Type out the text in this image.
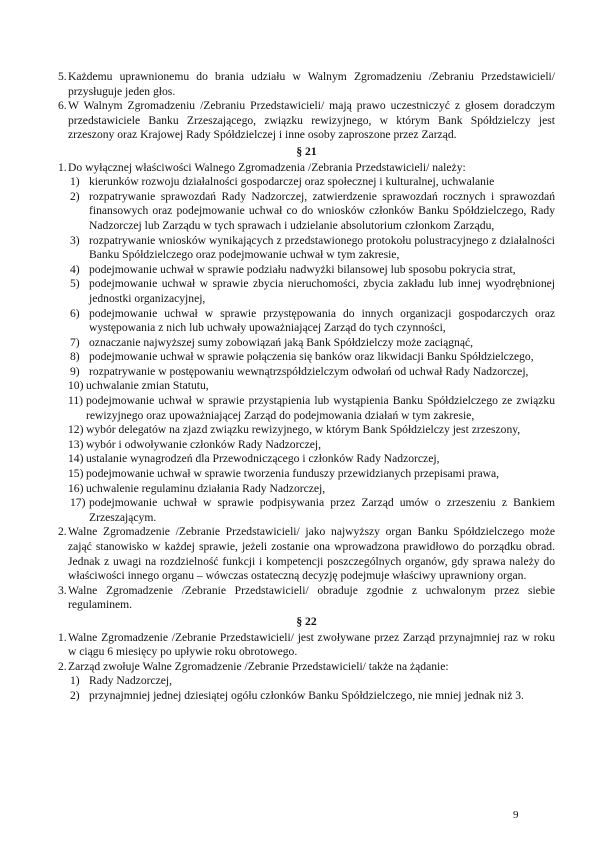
5. Każdemu uprawnionemu do brania udziału w Walnym Zgromadzeniu /Zebraniu Przedstawicieli/ przysługuje jeden głos.
6. W Walnym Zgromadzeniu /Zebraniu Przedstawicieli/ mają prawo uczestniczyć z głosem doradczym przedstawiciele Banku Zrzeszającego, związku rewizyjnego, w którym Bank Spółdzielczy jest zrzeszony oraz Krajowej Rady Spółdzielczej i inne osoby zaproszone przez Zarząd.
§ 21
1. Do wyłącznej właściwości Walnego Zgromadzenia /Zebrania Przedstawicieli/ należy:
1) kierunków rozwoju działalności gospodarczej oraz społecznej i kulturalnej, uchwalanie
2) rozpatrywanie sprawozdań Rady Nadzorczej, zatwierdzenie sprawozdań rocznych i sprawozdań finansowych oraz podejmowanie uchwał co do wniosków członków Banku Spółdzielczego, Rady Nadzorczej lub Zarządu w tych sprawach i udzielanie absolutorium członkom Zarządu,
3) rozpatrywanie wniosków wynikających z przedstawionego protokołu polustracyjnego z działalności Banku Spółdzielczego oraz podejmowanie uchwał w tym zakresie,
4) podejmowanie uchwał w sprawie podziału nadwyżki bilansowej lub sposobu pokrycia strat,
5) podejmowanie uchwał w sprawie zbycia nieruchomości, zbycia zakładu lub innej wyodrębnionej jednostki organizacyjnej,
6) podejmowanie uchwał w sprawie przystępowania do innych organizacji gospodarczych oraz występowania z nich lub uchwały upoważniającej Zarząd do tych czynności,
7) oznaczanie najwyższej sumy zobowiązań jaką Bank Spółdzielczy może zaciągnąć,
8) podejmowanie uchwał w sprawie połączenia się banków oraz likwidacji Banku Spółdzielczego,
9) rozpatrywanie w postępowaniu wewnątrzspółdzielczym odwołań od uchwał Rady Nadzorczej,
10) uchwalanie zmian Statutu,
11) podejmowanie uchwał w sprawie przystąpienia lub wystąpienia Banku Spółdzielczego ze związku rewizyjnego oraz upoważniającej Zarząd do podejmowania działań w tym zakresie,
12) wybór delegatów na zjazd związku rewizyjnego, w którym Bank Spółdzielczy jest zrzeszony,
13) wybór i odwoływanie członków Rady Nadzorczej,
14) ustalanie wynagrodzeń dla Przewodniczącego i członków Rady Nadzorczej,
15) podejmowanie uchwał w sprawie tworzenia funduszy przewidzianych przepisami prawa,
16) uchwalenie regulaminu działania Rady Nadzorczej,
17) podejmowanie uchwał w sprawie podpisywania przez Zarząd umów o zrzeszeniu z Bankiem Zrzeszającym.
2. Walne Zgromadzenie /Zebranie Przedstawicieli/ jako najwyższy organ Banku Spółdzielczego może zająć stanowisko w każdej sprawie, jeżeli zostanie ona wprowadzona prawidłowo do porządku obrad. Jednak z uwagi na rozdzielność funkcji i kompetencji poszczególnych organów, gdy sprawa należy do właściwości innego organu – wówczas ostateczną decyzję podejmuje właściwy uprawniony organ.
3. Walne Zgromadzenie /Zebranie Przedstawicieli/ obraduje zgodnie z uchwalonym przez siebie regulaminem.
§ 22
1. Walne Zgromadzenie /Zebranie Przedstawicieli/ jest zwoływane przez Zarząd przynajmniej raz w roku w ciągu 6 miesięcy po upływie roku obrotowego.
2. Zarząd zwołuje Walne Zgromadzenie /Zebranie Przedstawicieli/ także na żądanie:
1) Rady Nadzorczej,
2) przynajmniej jednej dziesiątej ogółu członków Banku Spółdzielczego, nie mniej jednak niż 3.
9
